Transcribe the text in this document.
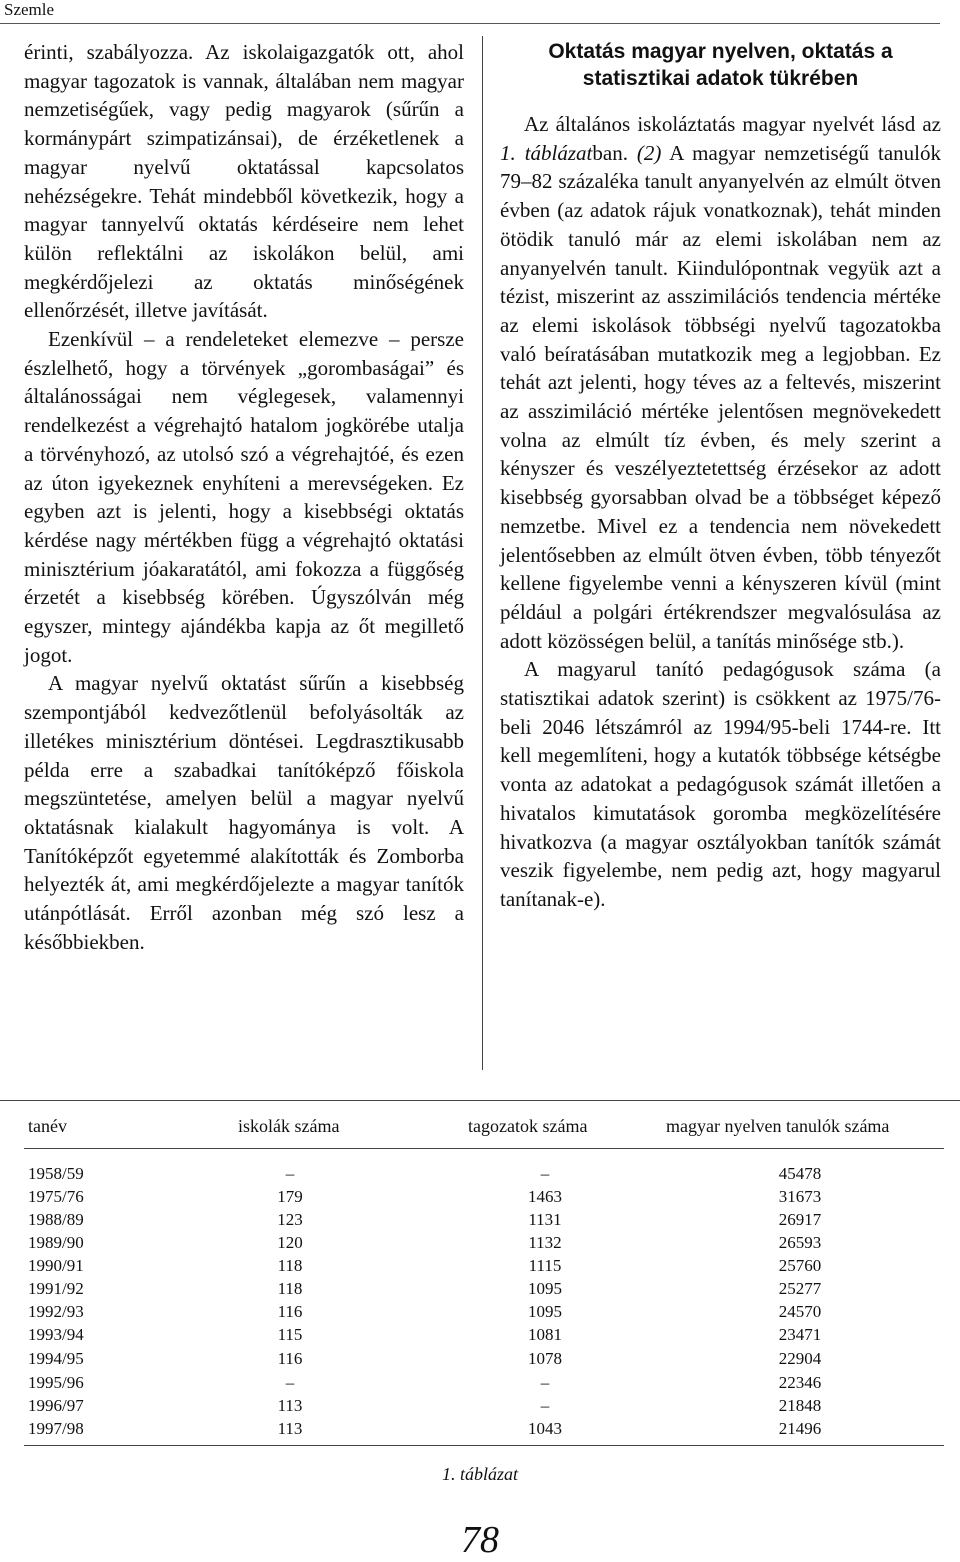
Szemle

érinti, szabályozza. Az iskolaigazgatók ott, ahol magyar tagozatok is vannak, általában nem magyar nemzetiségűek, vagy pedig magyarok (sűrűn a kormánypárt szimpatizánsai), de érzéketlenek a magyar nyelvű oktatással kapcsolatos nehézségekre. Tehát mindebből következik, hogy a magyar tannyelvű oktatás kérdéseire nem lehet külön reflektálni az iskolákon belül, ami megkérdőjelezi az oktatás minőségének ellenőrzését, illetve javítását.

Ezenkívül – a rendeleteket elemezve – persze észlelhető, hogy a törvények „gorombaságai” és általánosságai nem véglegesek, valamennyi rendelkezést a végrehajtó hatalom jogkörébe utalja a törvényhozó, az utolsó szó a végrehajtóé, és ezen az úton igyekeznek enyhíteni a merevségeken. Ez egyben azt is jelenti, hogy a kisebbségi oktatás kérdése nagy mértékben függ a végrehajtó oktatási minisztérium jóakaratától, ami fokozza a függőség érzetét a kisebbség körében. Úgyszólván még egyszer, mintegy ajándékba kapja az őt megillető jogot.

A magyar nyelvű oktatást sűrűn a kisebbség szempontjából kedvezőtlenül befolyásolták az illetékes minisztérium döntései. Legdrasztikusabb példa erre a szabadkai tanítóképző főiskola megszüntetése, amelyen belül a magyar nyelvű oktatásnak kialakult hagyománya is volt. A Tanítóképzőt egyetemmé alakították és Zomborba helyezték át, ami megkérdőjelezte a magyar tanítók utánpótlását. Erről azonban még szó lesz a későbbiekben.

Oktatás magyar nyelven, oktatás a statisztikai adatok tükrében

Az általános iskoláztatás magyar nyelvét lásd az 1. táblázatban. (2) A magyar nemzetiségű tanulók 79–82 százaléka tanult anyanyelvén az elmúlt ötven évben (az adatok rájuk vonatkoznak), tehát minden ötödik tanuló már az elemi iskolában nem az anyanyelvén tanult. Kiindulópontnak vegyük azt a tézist, miszerint az asszimilációs tendencia mértéke az elemi iskolások többségi nyelvű tagozatokba való beíratásában mutatkozik meg a legjobban. Ez tehát azt jelenti, hogy téves az a feltevés, miszerint az asszimiláció mértéke jelentősen megnövekedett volna az elmúlt tíz évben, és mely szerint a kényszer és veszélyeztetettség érzésekor az adott kisebbség gyorsabban olvad be a többséget képező nemzetbe. Mivel ez a tendencia nem növekedett jelentősebben az elmúlt ötven évben, több tényezőt kellene figyelembe venni a kényszeren kívül (mint például a polgári értékrendszer megvalósulása az adott közösségen belül, a tanítás minősége stb.).

A magyarul tanító pedagógusok száma (a statisztikai adatok szerint) is csökkent az 1975/76-beli 2046 létszámról az 1994/95-beli 1744-re. Itt kell megemlíteni, hogy a kutatók többsége kétségbe vonta az adatokat a pedagógusok számát illetően a hivatalos kimutatások goromba megközelítésére hivatkozva (a magyar osztályokban tanítók számát veszik figyelembe, nem pedig azt, hogy magyarul tanítanak-e).

tanév	iskolák száma	tagozatok száma	magyar nyelven tanulók száma
1958/59	–	–	45478
1975/76	179	1463	31673
1988/89	123	1131	26917
1989/90	120	1132	26593
1990/91	118	1115	25760
1991/92	118	1095	25277
1992/93	116	1095	24570
1993/94	115	1081	23471
1994/95	116	1078	22904
1995/96	–	–	22346
1996/97	113	–	21848
1997/98	113	1043	21496
1. táblázat
78
